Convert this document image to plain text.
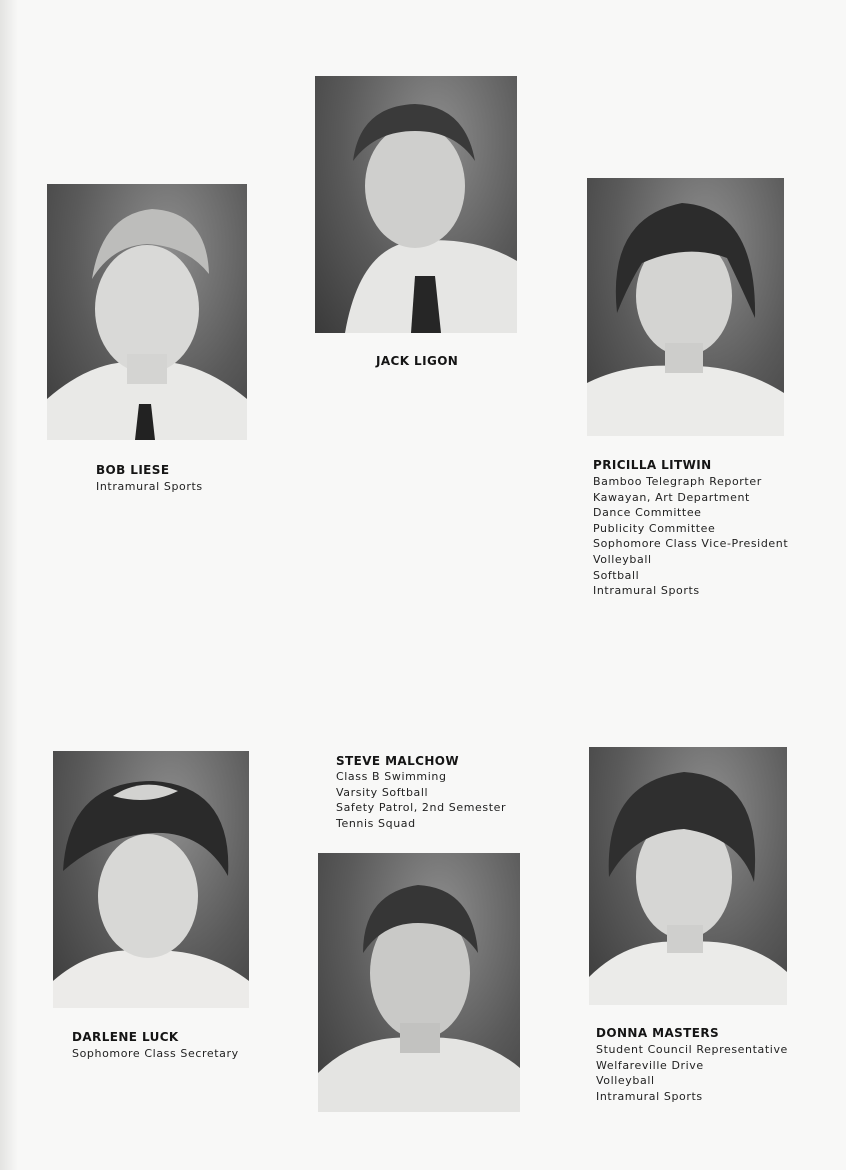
BOB LIESE
Intramural Sports
JACK LIGON
PRICILLA LITWIN
Bamboo Telegraph Reporter
Kawayan, Art Department
Dance Committee
Publicity Committee
Sophomore Class Vice-President
Volleyball
Softball
Intramural Sports
STEVE MALCHOW
Class B Swimming
Varsity Softball
Safety Patrol, 2nd Semester
Tennis Squad
DARLENE LUCK
Sophomore Class Secretary
DONNA MASTERS
Student Council Representative
Welfareville Drive
Volleyball
Intramural Sports
